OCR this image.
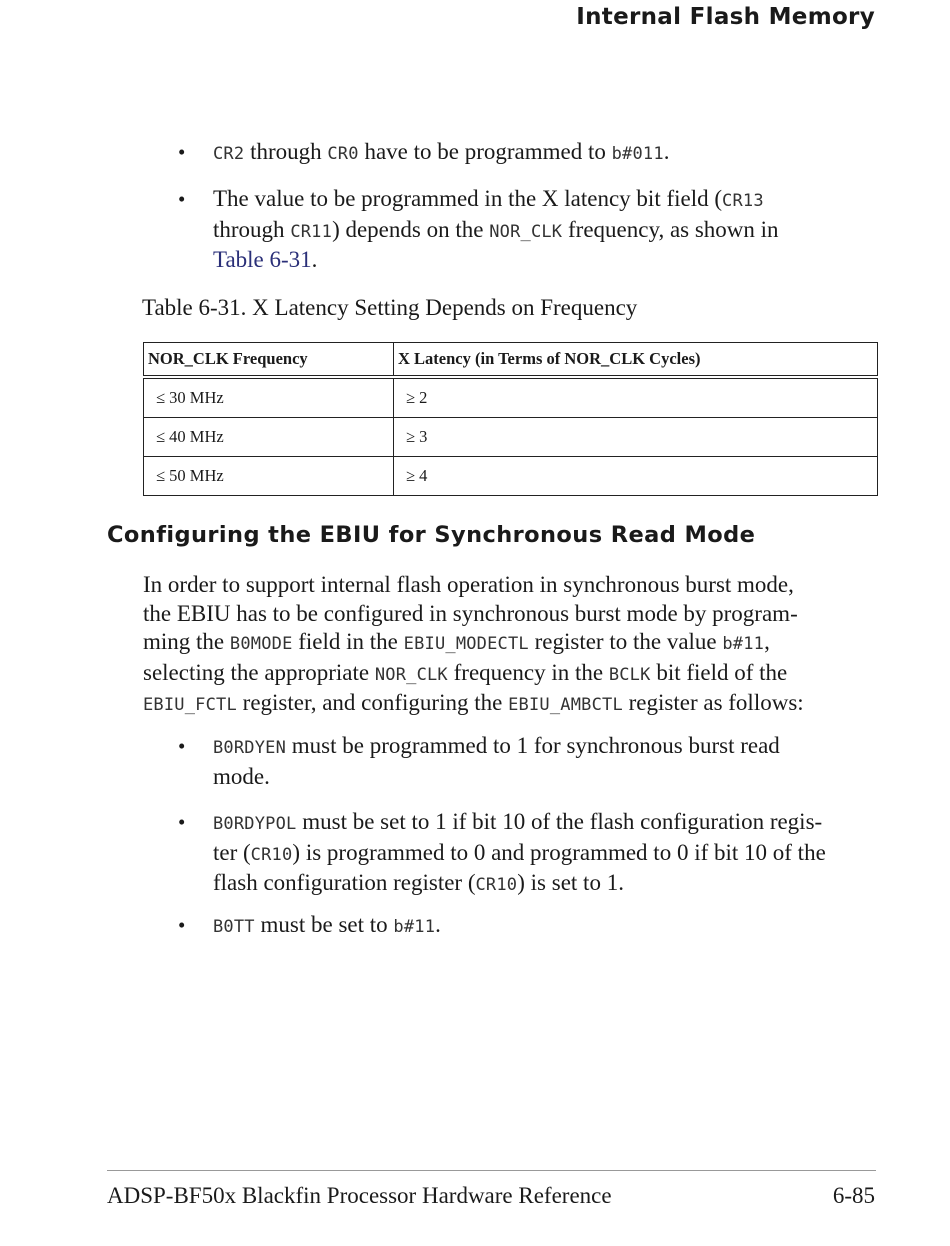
Internal Flash Memory
• CR2 through CR0 have to be programmed to b#011.
• The value to be programmed in the X latency bit field (CR13
through CR11) depends on the NOR_CLK frequency, as shown in
Table 6-31.
Table 6-31. X Latency Setting Depends on Frequency
NOR_CLK Frequency	X Latency (in Terms of NOR_CLK Cycles)
≤ 30 MHz	≥ 2
≤ 40 MHz	≥ 3
≤ 50 MHz	≥ 4
Configuring the EBIU for Synchronous Read Mode
In order to support internal flash operation in synchronous burst mode,
the EBIU has to be configured in synchronous burst mode by program-
ming the B0MODE field in the EBIU_MODECTL register to the value b#11,
selecting the appropriate NOR_CLK frequency in the BCLK bit field of the
EBIU_FCTL register, and configuring the EBIU_AMBCTL register as follows:
• B0RDYEN must be programmed to 1 for synchronous burst read
mode.
• B0RDYPOL must be set to 1 if bit 10 of the flash configuration regis-
ter (CR10) is programmed to 0 and programmed to 0 if bit 10 of the
flash configuration register (CR10) is set to 1.
• B0TT must be set to b#11.
ADSP-BF50x Blackfin Processor Hardware Reference	6-85
